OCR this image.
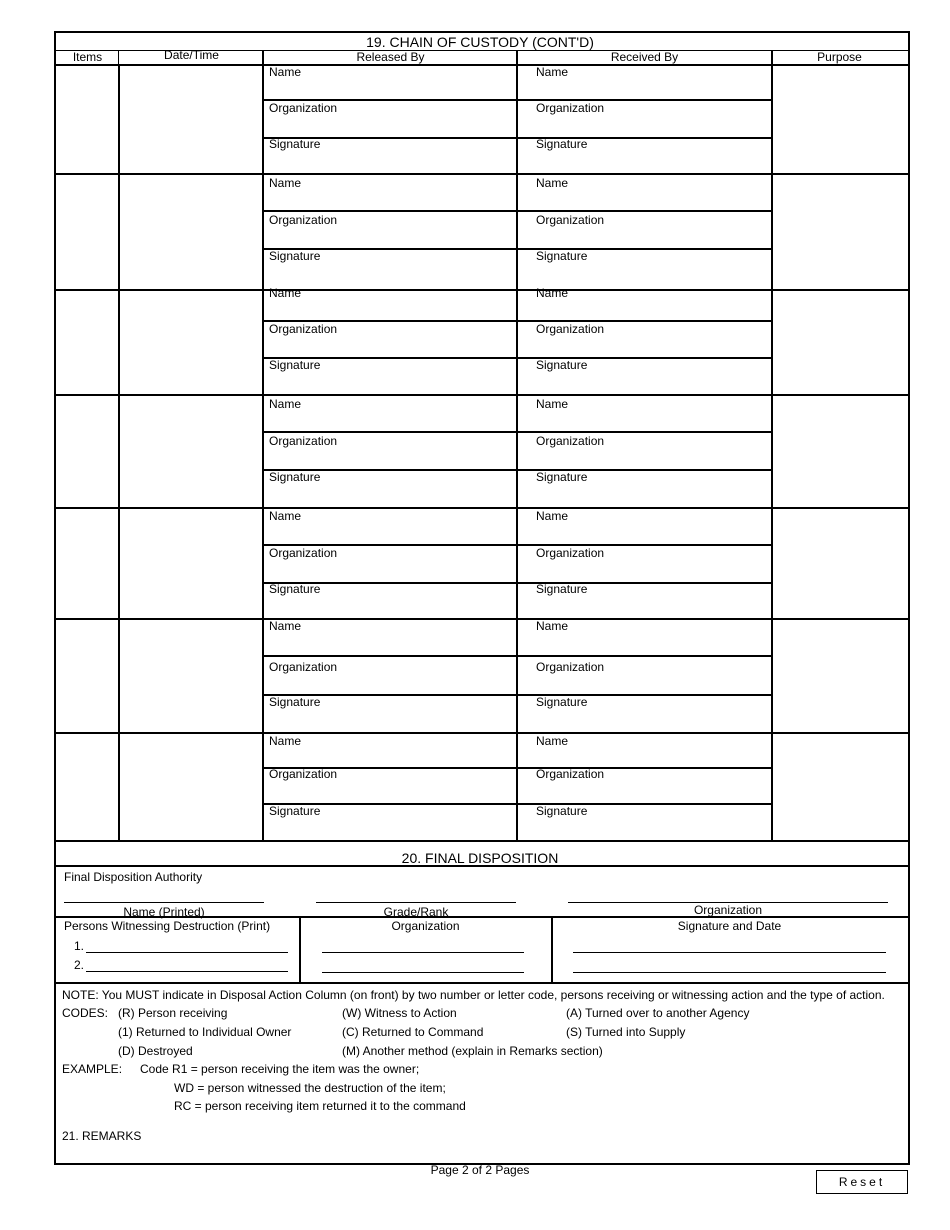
19. CHAIN OF CUSTODY (CONT'D)
Items	Date/Time	Released By	Received By	Purpose
Name	Name
Organization	Organization
Signature	Signature
Name	Name
Organization	Organization
Signature	Signature
Name	Name
Organization	Organization
Signature	Signature
Name	Name
Organization	Organization
Signature	Signature
Name	Name
Organization	Organization
Signature	Signature
Name	Name
Organization	Organization
Signature	Signature
Name	Name
Organization	Organization
Signature	Signature
20. FINAL DISPOSITION
Final Disposition Authority
Name (Printed)	Grade/Rank	Organization
Persons Witnessing Destruction (Print)	Organization	Signature and Date
1.
2.
NOTE: You MUST indicate in Disposal Action Column (on front) by two number or letter code, persons receiving or witnessing action and the type of action.
CODES: (R) Person receiving	(W) Witness to Action	(A) Turned over to another Agency
(1) Returned to Individual Owner	(C) Returned to Command	(S) Turned into Supply
(D) Destroyed	(M) Another method (explain in Remarks section)
EXAMPLE: Code R1 = person receiving the item was the owner;
WD = person witnessed the destruction of the item;
RC = person receiving item returned it to the command
21. REMARKS
Page 2 of 2 Pages
Reset
